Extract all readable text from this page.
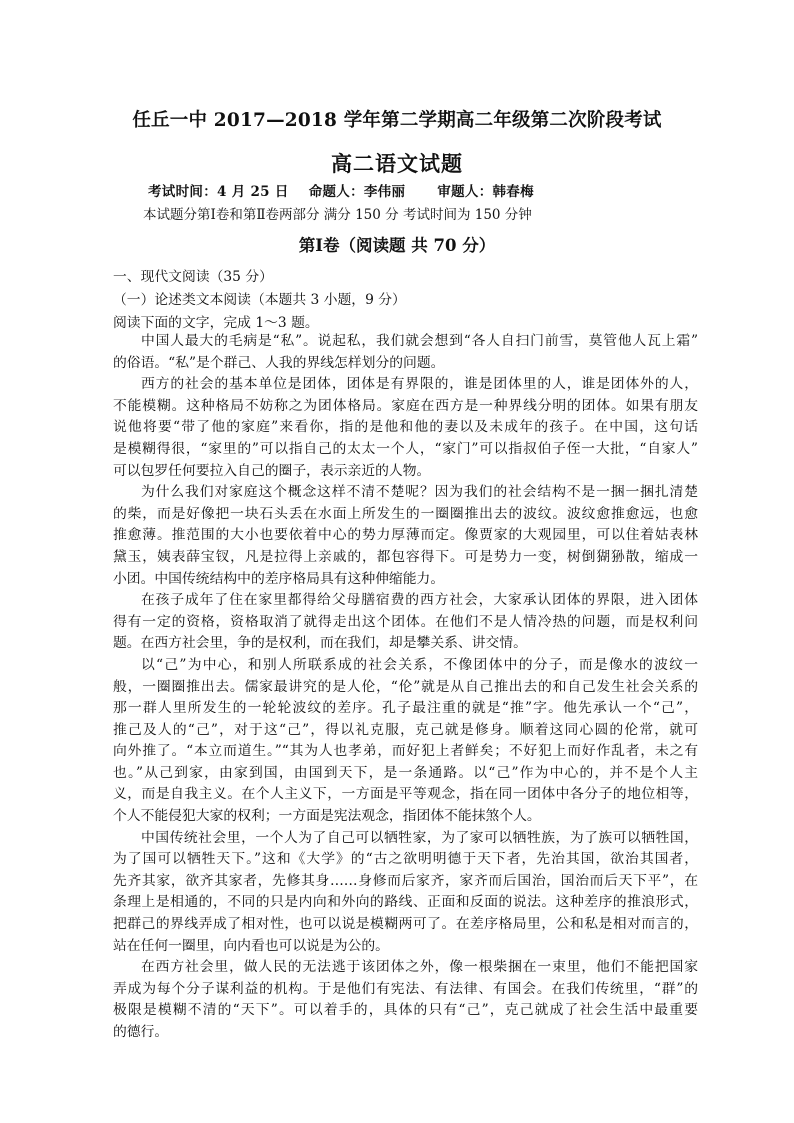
任丘一中 2017—2018 学年第二学期高二年级第二次阶段考试
高二语文试题
考试时间：4 月 25 日 命题人：李伟丽 审题人：韩春梅
本试题分第Ⅰ卷和第Ⅱ卷两部分 满分 150 分 考试时间为 150 分钟
第Ⅰ卷（阅读题 共 70 分）
一、现代文阅读（35 分）
（一）论述类文本阅读（本题共 3 小题，9 分）
阅读下面的文字，完成 1～3 题。
中国人最大的毛病是“私”。说起私，我们就会想到“各人自扫门前雪，莫管他人瓦上霜”
的俗语。“私”是个群己、人我的界线怎样划分的问题。
西方的社会的基本单位是团体，团体是有界限的，谁是团体里的人，谁是团体外的人，
不能模糊。这种格局不妨称之为团体格局。家庭在西方是一种界线分明的团体。如果有朋友
说他将要“带了他的家庭”来看你，指的是他和他的妻以及未成年的孩子。在中国，这句话
是模糊得很，“家里的”可以指自己的太太一个人，“家门”可以指叔伯子侄一大批，“自家人”
可以包罗任何要拉入自己的圈子，表示亲近的人物。
为什么我们对家庭这个概念这样不清不楚呢？因为我们的社会结构不是一捆一捆扎清楚
的柴，而是好像把一块石头丢在水面上所发生的一圈圈推出去的波纹。波纹愈推愈远，也愈
推愈薄。推范围的大小也要依着中心的势力厚薄而定。像贾家的大观园里，可以住着姑表林
黛玉，姨表薛宝钗，凡是拉得上亲戚的，都包容得下。可是势力一变，树倒猢狲散，缩成一
小团。中国传统结构中的差序格局具有这种伸缩能力。
在孩子成年了住在家里都得给父母膳宿费的西方社会，大家承认团体的界限，进入团体
得有一定的资格，资格取消了就得走出这个团体。在他们不是人情冷热的问题，而是权利问
题。在西方社会里，争的是权利，而在我们，却是攀关系、讲交情。
以“己”为中心，和别人所联系成的社会关系，不像团体中的分子，而是像水的波纹一
般，一圈圈推出去。儒家最讲究的是人伦，“伦”就是从自己推出去的和自己发生社会关系的
那一群人里所发生的一轮轮波纹的差序。孔子最注重的就是“推”字。他先承认一个“己”，
推己及人的“己”，对于这“己”，得以礼克服，克己就是修身。顺着这同心圆的伦常，就可
向外推了。“本立而道生。”“其为人也孝弟，而好犯上者鲜矣；不好犯上而好作乱者，未之有
也。”从己到家，由家到国，由国到天下，是一条通路。以“己”作为中心的，并不是个人主
义，而是自我主义。在个人主义下，一方面是平等观念，指在同一团体中各分子的地位相等，
个人不能侵犯大家的权利；一方面是宪法观念，指团体不能抹煞个人。
中国传统社会里，一个人为了自己可以牺牲家，为了家可以牺牲族，为了族可以牺牲国，
为了国可以牺牲天下。”这和《大学》的“古之欲明明德于天下者，先治其国，欲治其国者，
先齐其家，欲齐其家者，先修其身……身修而后家齐，家齐而后国治，国治而后天下平”，在
条理上是相通的，不同的只是内向和外向的路线、正面和反面的说法。这种差序的推浪形式，
把群己的界线弄成了相对性，也可以说是模糊两可了。在差序格局里，公和私是相对而言的，
站在任何一圈里，向内看也可以说是为公的。
在西方社会里，做人民的无法逃于该团体之外，像一根柴捆在一束里，他们不能把国家
弄成为每个分子谋利益的机构。于是他们有宪法、有法律、有国会。在我们传统里，“群”的
极限是模糊不清的“天下”。可以着手的，具体的只有“己”，克己就成了社会生活中最重要
的德行。
